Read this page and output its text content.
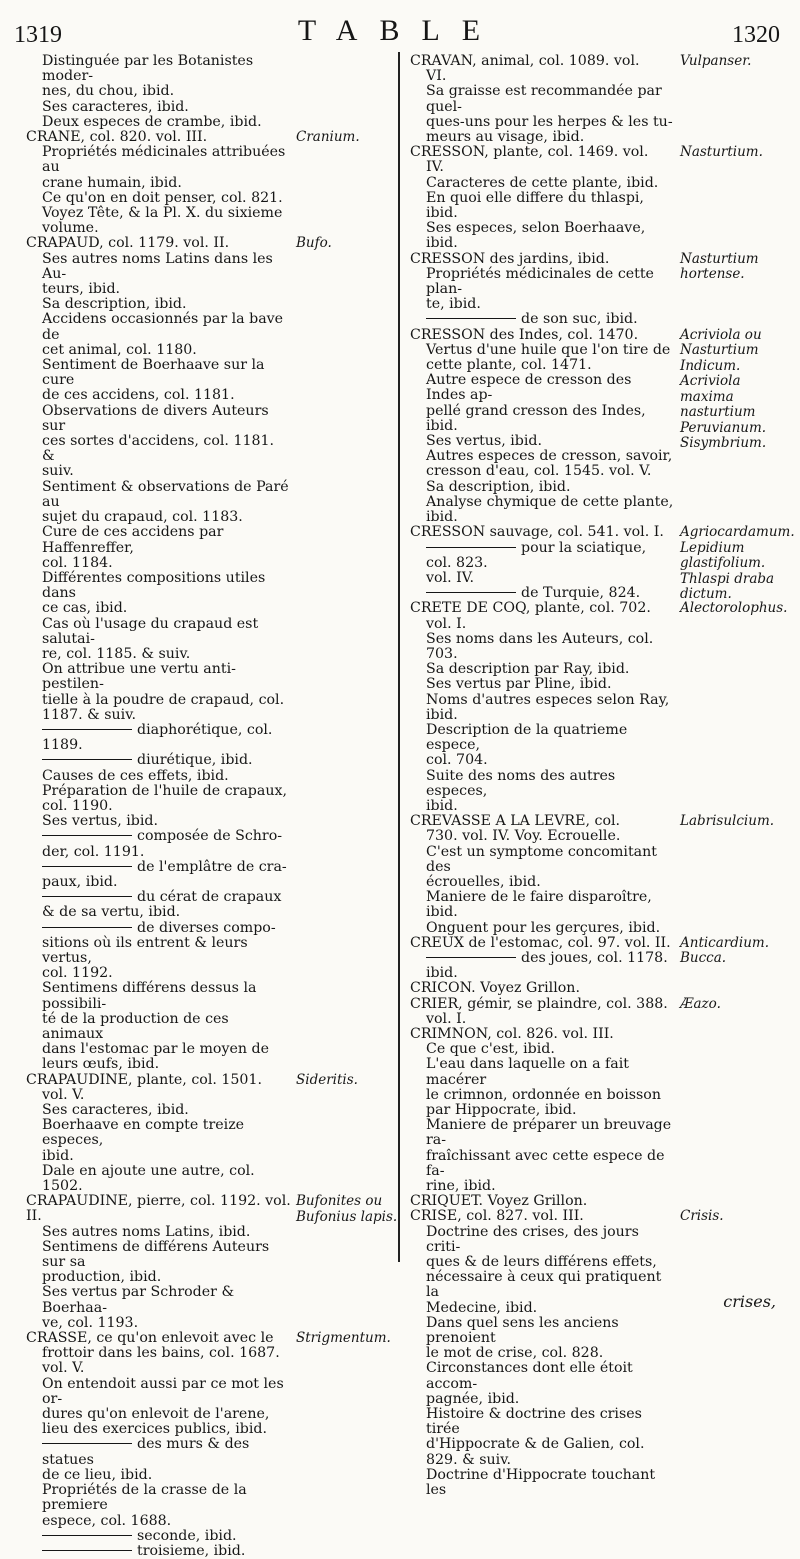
1319	TABLE	1320
Distinguée par les Botanistes moder-
nes, du chou, ibid.
Ses caracteres, ibid.
Deux especes de crambe, ibid.
CRANE, col. 820. vol. III.
Propriétés médicinales attribuées au
crane humain, ibid.
Ce qu'on en doit penser, col. 821.
Voyez Tête, & la Pl. X. du sixieme
volume.
Cranium.
CRAPAUD, col. 1179. vol. II.
Ses autres noms Latins dans les Au-
teurs, ibid.
Sa description, ibid.
Accidens occasionnés par la bave de
cet animal, col. 1180.
Sentiment de Boerhaave sur la cure
de ces accidens, col. 1181.
Observations de divers Auteurs sur
ces sortes d'accidens, col. 1181. &
suiv.
Sentiment & observations de Paré au
sujet du crapaud, col. 1183.
Cure de ces accidens par Haffenreffer,
col. 1184.
Différentes compositions utiles dans
ce cas, ibid.
Cas où l'usage du crapaud est salutai-
re, col. 1185. & suiv.
On attribue une vertu anti-pestilen-
tielle à la poudre de crapaud, col.
1187. & suiv.
diaphorétique, col.
1189.
diurétique, ibid.
Causes de ces effets, ibid.
Préparation de l'huile de crapaux,
col. 1190.
Ses vertus, ibid.
composée de Schro-
der, col. 1191.
de l'emplâtre de cra-
paux, ibid.
du cérat de crapaux
& de sa vertu, ibid.
de diverses compo-
sitions où ils entrent & leurs vertus,
col. 1192.
Sentimens différens dessus la possibili-
té de la production de ces animaux
dans l'estomac par le moyen de
leurs œufs, ibid.
Bufo.
CRAPAUDINE, plante, col. 1501.
vol. V.
Ses caracteres, ibid.
Boerhaave en compte treize especes,
ibid.
Dale en ajoute une autre, col. 1502.
Sideritis.
CRAPAUDINE, pierre, col. 1192. vol. II.
Ses autres noms Latins, ibid.
Sentimens de différens Auteurs sur sa
production, ibid.
Ses vertus par Schroder & Boerhaa-
ve, col. 1193.
Bufonites ou Bufonius lapis.
CRASSE, ce qu'on enlevoit avec le
frottoir dans les bains, col. 1687.
vol. V.
On entendoit aussi par ce mot les or-
dures qu'on enlevoit de l'arene,
lieu des exercices publics, ibid.
des murs & des statues
de ce lieu, ibid.
Propriétés de la crasse de la premiere
espece, col. 1688.
seconde, ibid.
troisieme, ibid.
Strigmentum.
CRAVAN, animal, col. 1089. vol.
VI.
Sa graisse est recommandée par quel-
ques-uns pour les herpes & les tu-
meurs au visage, ibid.
Vulpanser.
CRESSON, plante, col. 1469. vol.
IV.
Caracteres de cette plante, ibid.
En quoi elle differe du thlaspi, ibid.
Ses especes, selon Boerhaave, ibid.
Nasturtium.
CRESSON des jardins, ibid.
Propriétés médicinales de cette plan-
te, ibid.
de son suc, ibid.
Nasturtium hortense.
CRESSON des Indes, col. 1470.
Vertus d'une huile que l'on tire de
cette plante, col. 1471.
Autre espece de cresson des Indes ap-
pellé grand cresson des Indes, ibid.
Ses vertus, ibid.
Autres especes de cresson, savoir,
cresson d'eau, col. 1545. vol. V.
Sa description, ibid.
Analyse chymique de cette plante,
ibid.
Acriviola ou Nasturtium Indicum. Acriviola maxima nasturtium Peruvianum. Sisymbrium.
CRESSON sauvage, col. 541. vol. I.
pour la sciatique, col. 823.
vol. IV.
de Turquie, 824.
Agriocardamum. Lepidium glastifolium. Thlaspi draba dictum.
CRETE DE COQ, plante, col. 702.
vol. I.
Ses noms dans les Auteurs, col. 703.
Sa description par Ray, ibid.
Ses vertus par Pline, ibid.
Noms d'autres especes selon Ray,
ibid.
Description de la quatrieme espece,
col. 704.
Suite des noms des autres especes,
ibid.
Alectorolophus.
CREVASSE A LA LEVRE, col.
730. vol. IV. Voy. Ecrouelle.
C'est un symptome concomitant des
écrouelles, ibid.
Maniere de le faire disparoître, ibid.
Onguent pour les gerçures, ibid.
Labrisulcium.
CREUX de l'estomac, col. 97. vol. II.
des joues, col. 1178. ibid.
Anticardium. Bucca.
CRICON. Voyez Grillon.
CRIER, gémir, se plaindre, col. 388.
vol. I.
Æazo.
CRIMNON, col. 826. vol. III.
Ce que c'est, ibid.
L'eau dans laquelle on a fait macérer
le crimnon, ordonnée en boisson
par Hippocrate, ibid.
Maniere de préparer un breuvage ra-
fraîchissant avec cette espece de fa-
rine, ibid.
CRIQUET. Voyez Grillon.
CRISE, col. 827. vol. III.
Doctrine des crises, des jours criti-
ques & de leurs différens effets,
nécessaire à ceux qui pratiquent la
Medecine, ibid.
Dans quel sens les anciens prenoient
le mot de crise, col. 828.
Circonstances dont elle étoit accom-
pagnée, ibid.
Histoire & doctrine des crises tirée
d'Hippocrate & de Galien, col.
829. & suiv.
Doctrine d'Hippocrate touchant les
Crisis.
crises,
